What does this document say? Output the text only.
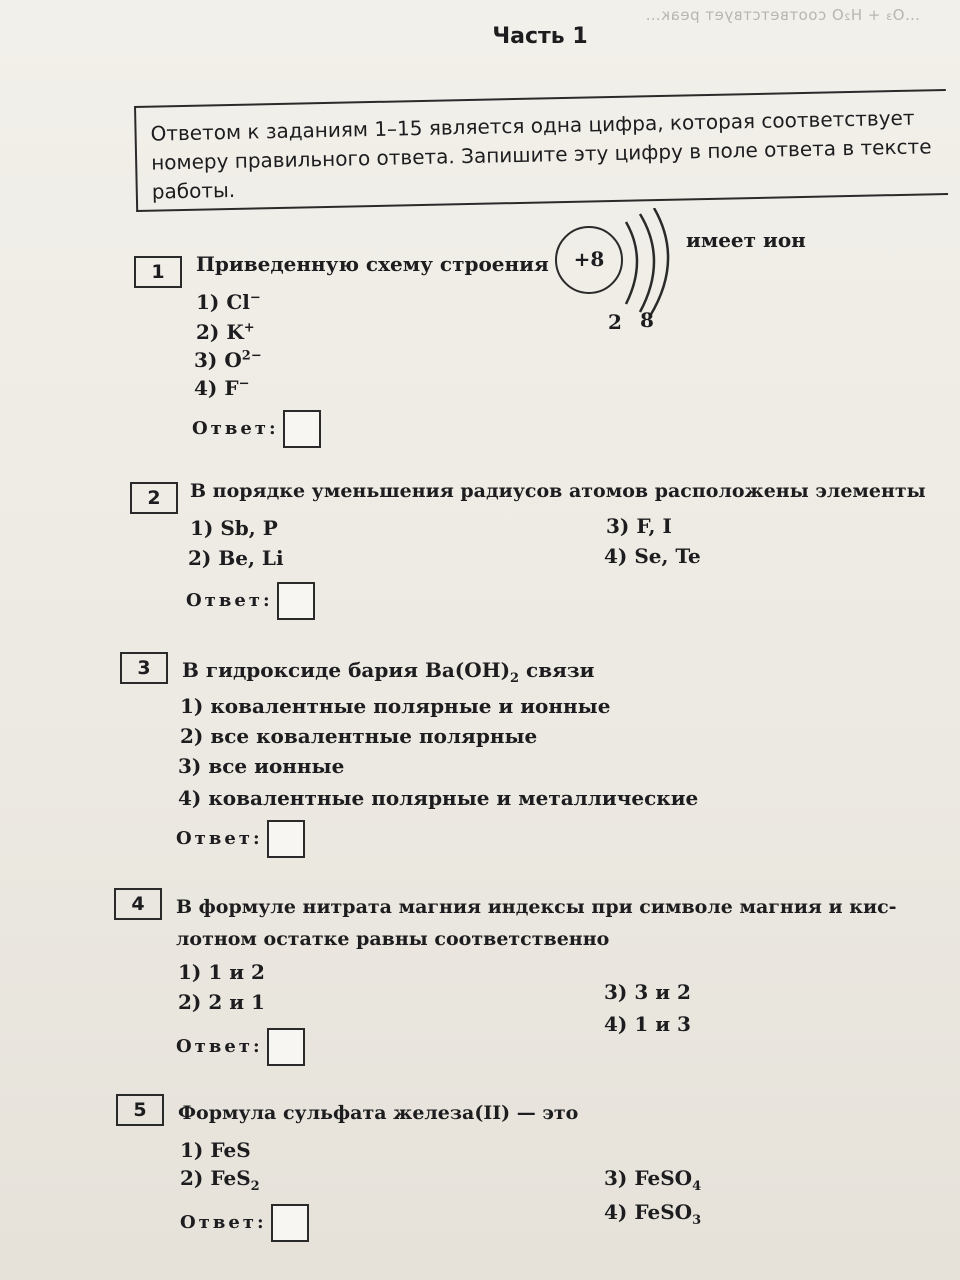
…O₃ + H₂O соответствует реак…
Часть 1
Ответом к заданиям 1–15 является одна цифра, которая соответствует номеру правильного ответа. Запишите эту цифру в поле ответа в тексте работы.
1	Приведенную схему строения	+8
2 8
имеет ион
1) Cl−
2) K+
3) $O^{2-}$
4) F−
Ответ:
2	В порядке уменьшения радиусов атомов расположены элементы
1) Sb, P
2) Be, Li
3) F, I
4) Se, Te
Ответ:
3	В гидроксиде бария $Ba(OH)_2$ связи
1) ковалентные полярные и ионные
2) все ковалентные полярные
3) все ионные
4) ковалентные полярные и металлические
Ответ:
4	В формуле нитрата магния индексы при символе магния и кис-
лотном остатке равны соответственно
1) 1 и 2
2) 2 и 1	3) 3 и 2
4) 1 и 3
Ответ:
5	Формула сульфата железа(II) — это
1) FeS
2) FeS$_2$	3) FeSO$_4$
4) FeSO$_3$
Ответ:
